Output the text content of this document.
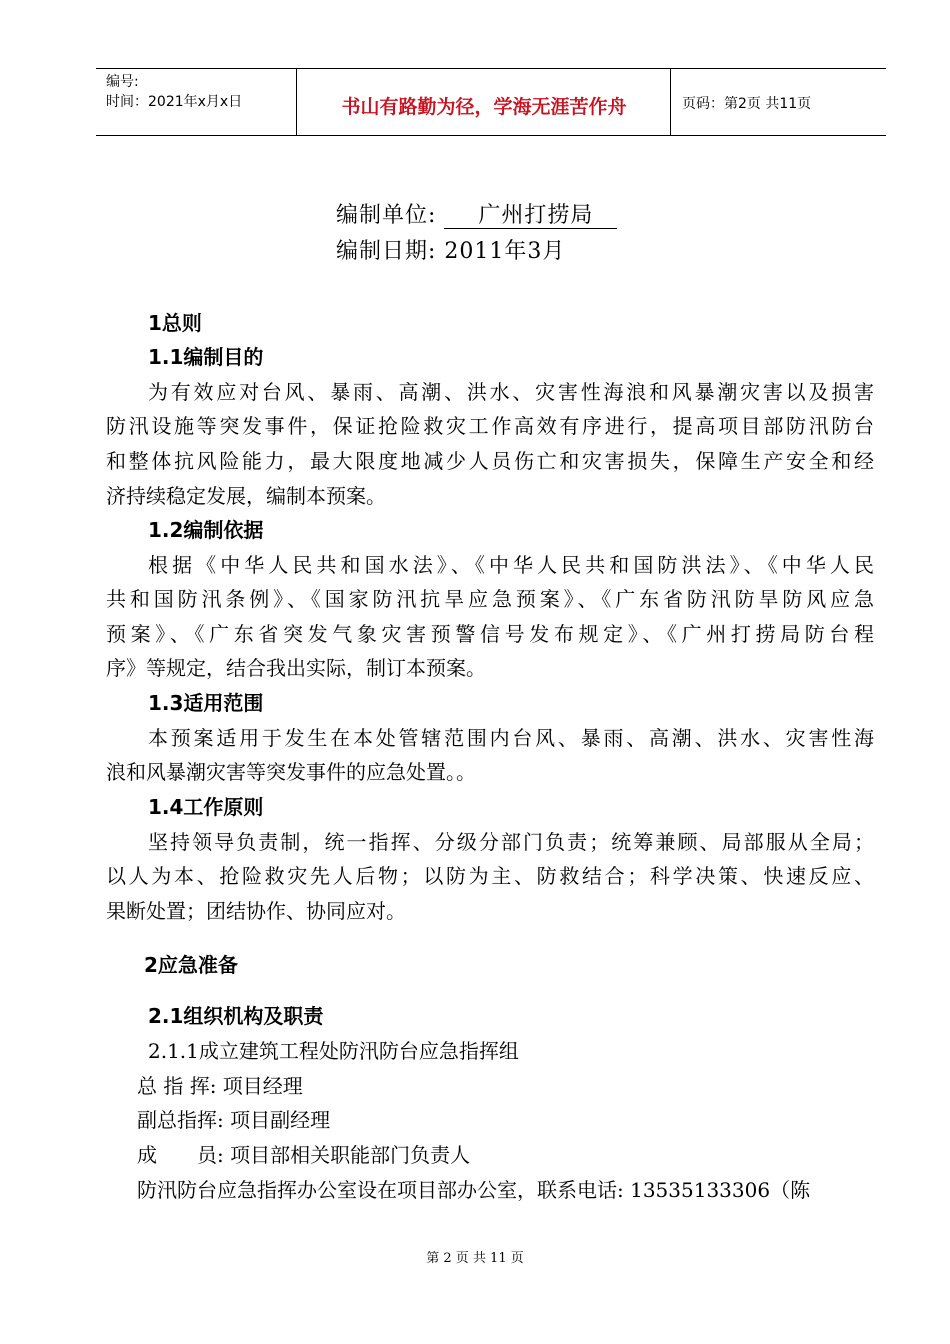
编号:
时间：2021年x月x日	书山有路勤为径，学海无涯苦作舟	页码：第2页 共11页
编制单位: 广州打捞局
编制日期: 2011年3月
1总则
1.1编制目的
为有效应对台风、暴雨、高潮、洪水、灾害性海浪和风暴潮灾害以及损害
防汛设施等突发事件，保证抢险救灾工作高效有序进行，提高项目部防汛防台
和整体抗风险能力，最大限度地减少人员伤亡和灾害损失，保障生产安全和经
济持续稳定发展，编制本预案。
1.2编制依据
根据《中华人民共和国水法》、《中华人民共和国防洪法》、《中华人民
共和国防汛条例》、《国家防汛抗旱应急预案》、《广东省防汛防旱防风应急
预案》、《广东省突发气象灾害预警信号发布规定》、《广州打捞局防台程
序》等规定，结合我出实际，制订本预案。
1.3适用范围
本预案适用于发生在本处管辖范围内台风、暴雨、高潮、洪水、灾害性海
浪和风暴潮灾害等突发事件的应急处置。。
1.4工作原则
坚持领导负责制，统一指挥、分级分部门负责；统筹兼顾、局部服从全局；
以人为本、抢险救灾先人后物；以防为主、防救结合；科学决策、快速反应、
果断处置；团结协作、协同应对。
2应急准备
2.1组织机构及职责
2.1.1成立建筑工程处防汛防台应急指挥组
总 指 挥: 项目经理
副总指挥: 项目副经理
成　　员: 项目部相关职能部门负责人
防汛防台应急指挥办公室设在项目部办公室，联系电话: 13535133306（陈
第 2 页 共 11 页
